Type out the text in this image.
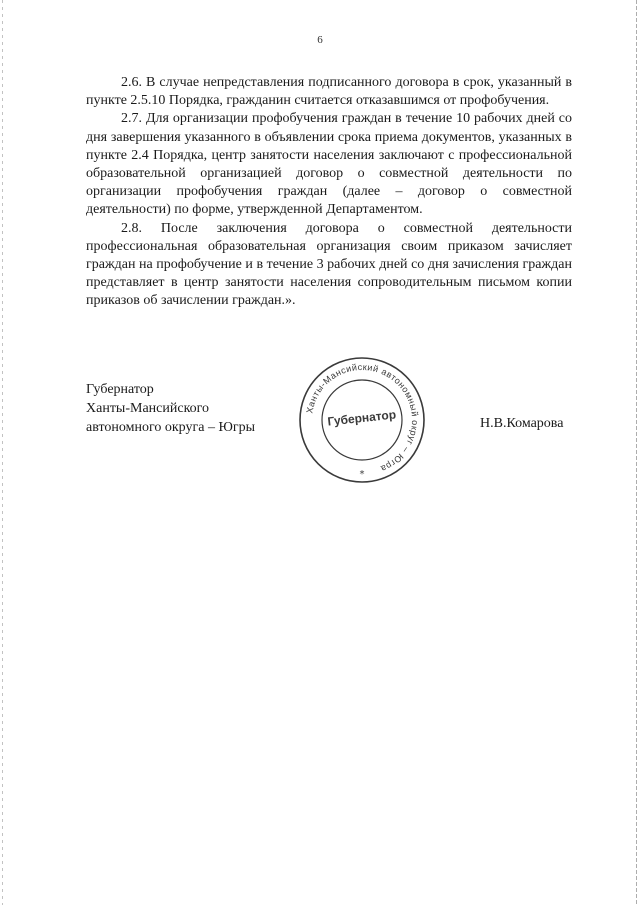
6

2.6. В случае непредставления подписанного договора в срок, указанный в пункте 2.5.10 Порядка, гражданин считается отказавшимся от профобучения.

2.7. Для организации профобучения граждан в течение 10 рабочих дней со дня завершения указанного в объявлении срока приема документов, указанных в пункте 2.4 Порядка, центр занятости населения заключают с профессиональной образовательной организацией договор о совместной деятельности по организации профобучения граждан (далее – договор о совместной деятельности) по форме, утвержденной Департаментом.

2.8. После заключения договора о совместной деятельности профессиональная образовательная организация своим приказом зачисляет граждан на профобучение и в течение 3 рабочих дней со дня зачисления граждан представляет в центр занятости населения сопроводительным письмом копии приказов об зачислении граждан.».

Губернатор
Ханты-Мансийского
автономного округа – Югры
Ханты-Мансийский автономный округ – Югра
Губернатор
*
Н.В.Комарова
